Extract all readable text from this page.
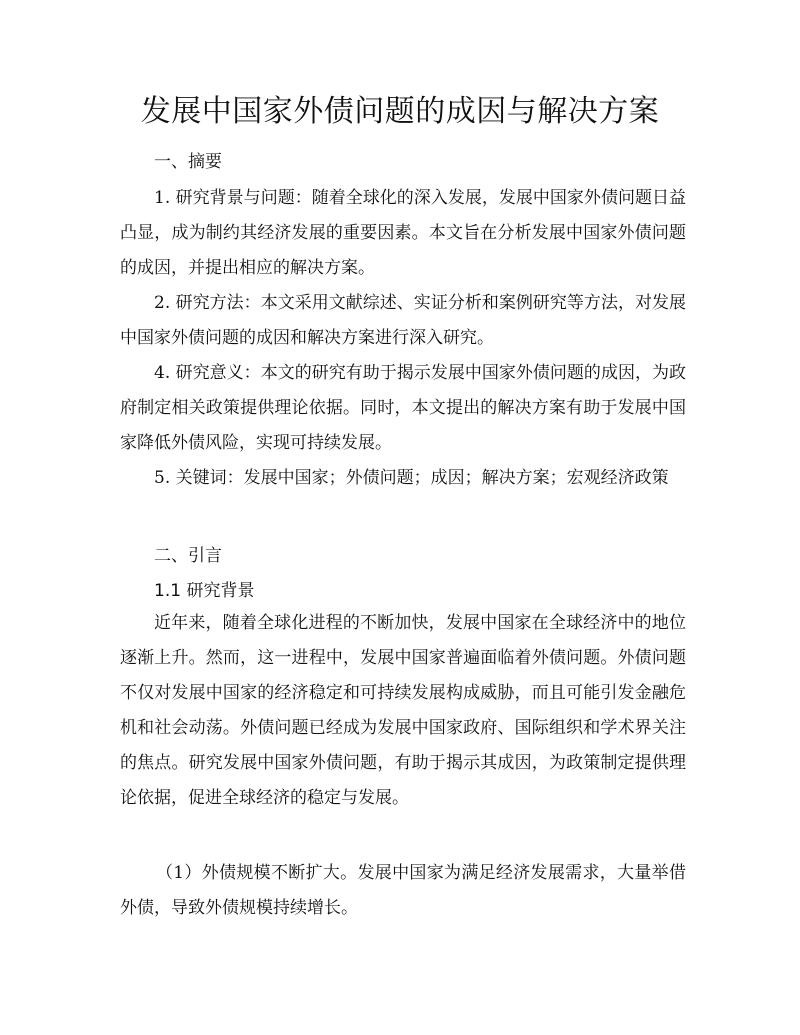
发展中国家外债问题的成因与解决方案
一、摘要

1. 研究背景与问题：随着全球化的深入发展，发展中国家外债问题日益凸显，成为制约其经济发展的重要因素。本文旨在分析发展中国家外债问题的成因，并提出相应的解决方案。

2. 研究方法：本文采用文献综述、实证分析和案例研究等方法，对发展中国家外债问题的成因和解决方案进行深入研究。

4. 研究意义：本文的研究有助于揭示发展中国家外债问题的成因，为政府制定相关政策提供理论依据。同时，本文提出的解决方案有助于发展中国家降低外债风险，实现可持续发展。

5. 关键词：发展中国家；外债问题；成因；解决方案；宏观经济政策

二、引言
1.1 研究背景

近年来，随着全球化进程的不断加快，发展中国家在全球经济中的地位逐渐上升。然而，这一进程中，发展中国家普遍面临着外债问题。外债问题不仅对发展中国家的经济稳定和可持续发展构成威胁，而且可能引发金融危机和社会动荡。外债问题已经成为发展中国家政府、国际组织和学术界关注的焦点。研究发展中国家外债问题，有助于揭示其成因，为政策制定提供理论依据，促进全球经济的稳定与发展。

（1）外债规模不断扩大。发展中国家为满足经济发展需求，大量举借外债，导致外债规模持续增长。
